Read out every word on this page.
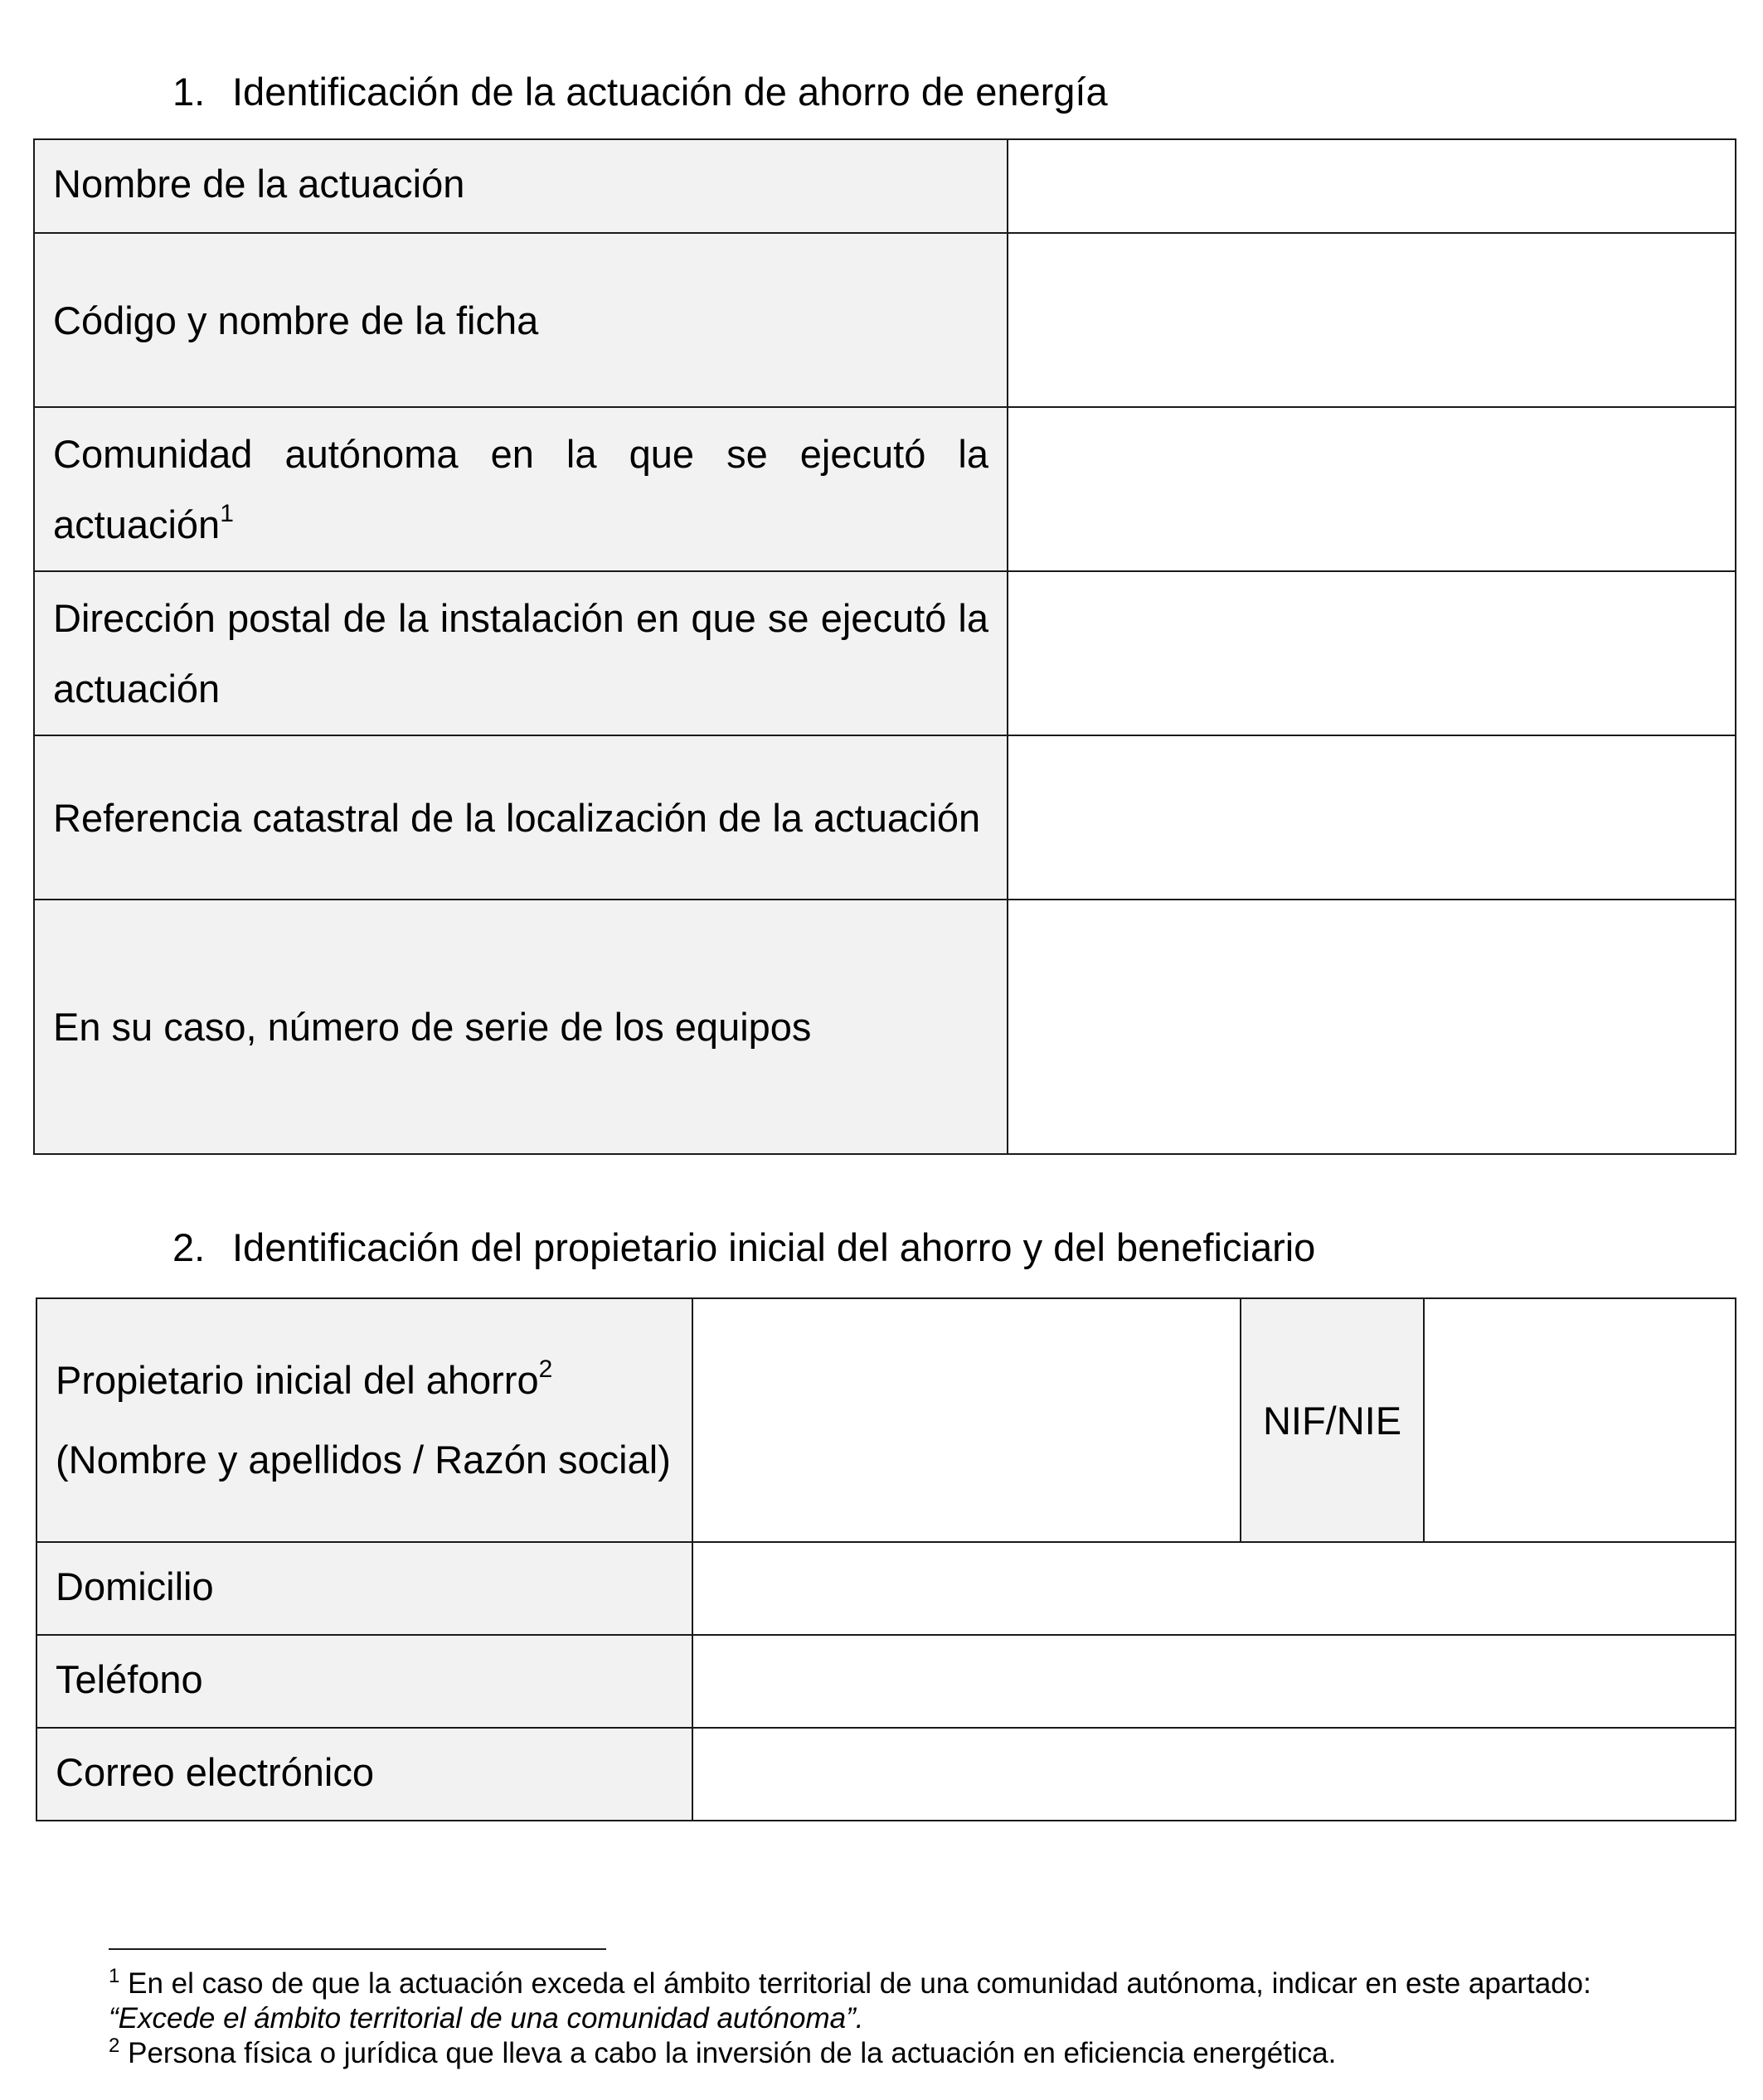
1. Identificación de la actuación de ahorro de energía
Nombre de la actuación	
Código y nombre de la ficha	
Comunidad autónoma en la que se ejecutó la actuación$^1$	
Dirección postal de la instalación en que se ejecutó la actuación	
Referencia catastral de la localización de la actuación	
En su caso, número de serie de los equipos	
2. Identificación del propietario inicial del ahorro y del beneficiario
Propietario inicial del ahorro$^2$
(Nombre y apellidos / Razón social)		NIF/NIE	
Domicilio			
Teléfono			
Correo electrónico			
$^1$ En el caso de que la actuación exceda el ámbito territorial de una comunidad autónoma, indicar en este apartado: “Excede el ámbito territorial de una comunidad autónoma”.
$^2$ Persona física o jurídica que lleva a cabo la inversión de la actuación en eficiencia energética.
